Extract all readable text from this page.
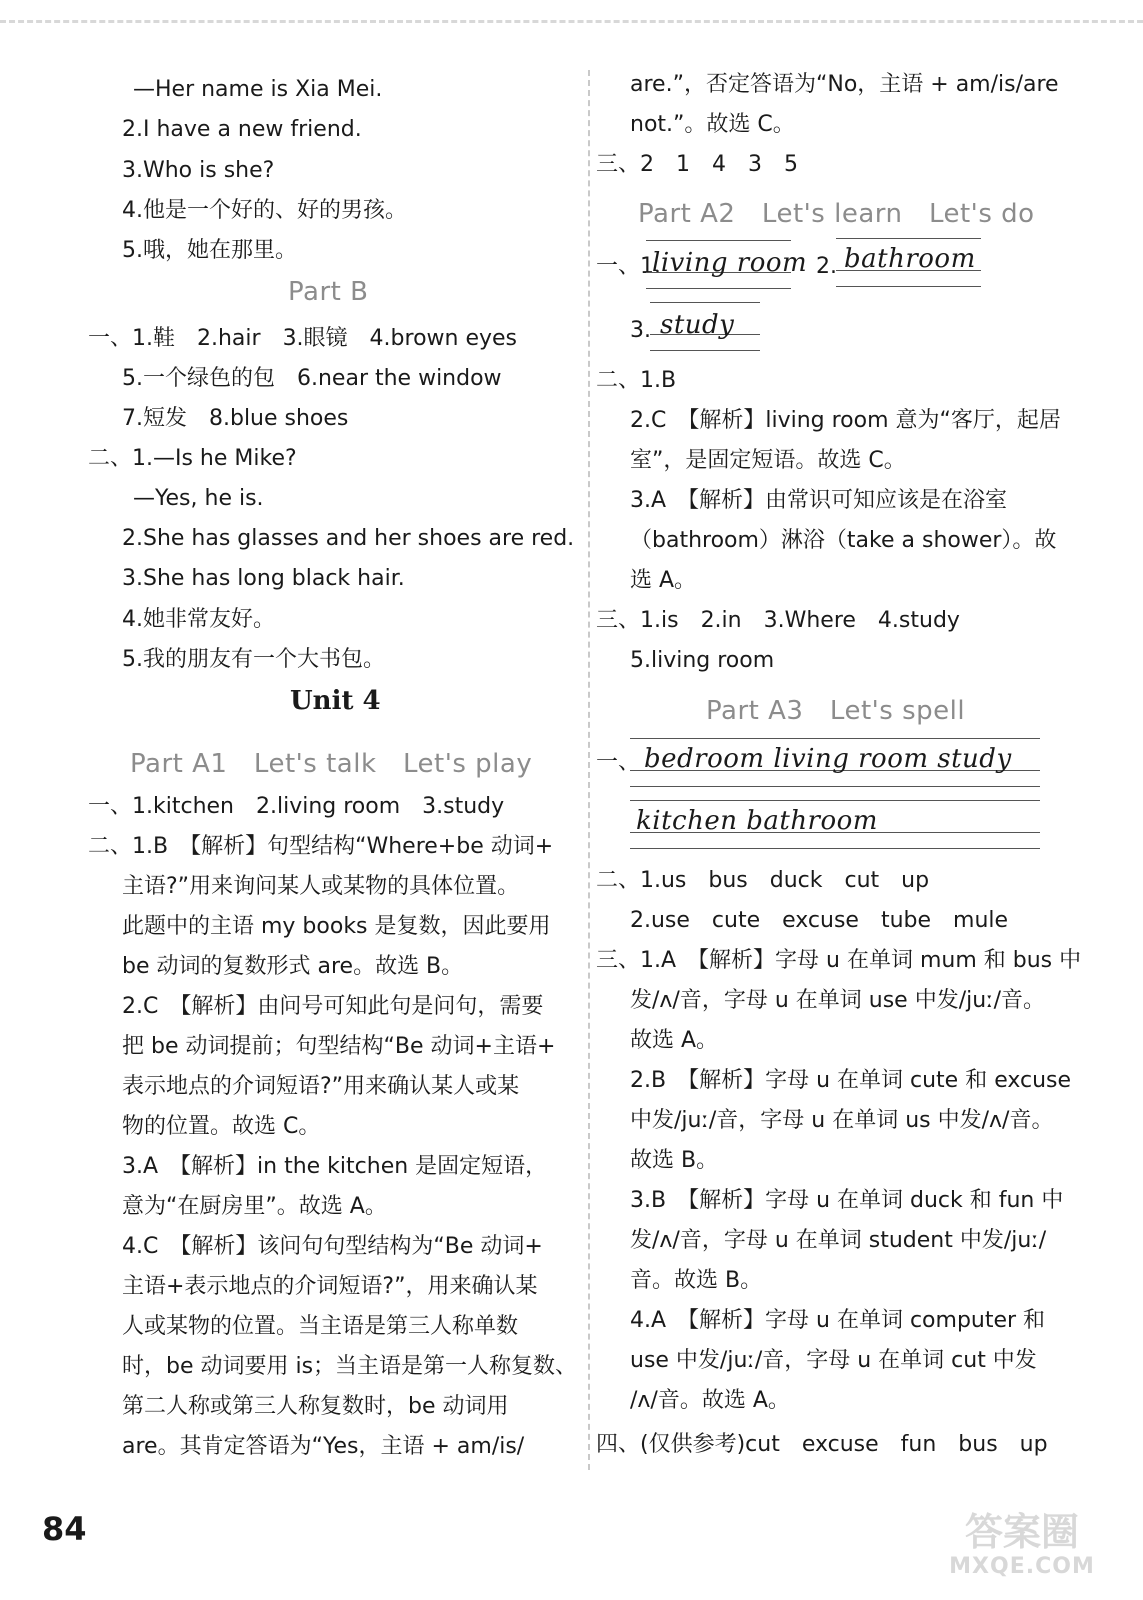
—Her name is Xia Mei.
2.I have a new friend.
3.Who is she?
4.他是一个好的、好的男孩。
5.哦，她在那里。
Part B
一、1.鞋　2.hair　3.眼镜　4.brown eyes
5.一个绿色的包　6.near the window
7.短发　8.blue shoes
二、1.—Is he Mike?
—Yes, he is.
2.She has glasses and her shoes are red.
3.She has long black hair.
4.她非常友好。
5.我的朋友有一个大书包。
Unit 4
Part A1　Let's talk　Let's play
一、1.kitchen　2.living room　3.study
二、1.B　【解析】句型结构“Where+be 动词+
主语?”用来询问某人或某物的具体位置。
此题中的主语 my books 是复数，因此要用
be 动词的复数形式 are。故选 B。
2.C　【解析】由问号可知此句是问句，需要
把 be 动词提前；句型结构“Be 动词+主语+
表示地点的介词短语?”用来确认某人或某
物的位置。故选 C。
3.A　【解析】in the kitchen 是固定短语，
意为“在厨房里”。故选 A。
4.C　【解析】该问句句型结构为“Be 动词+
主语+表示地点的介词短语?”，用来确认某
人或某物的位置。当主语是第三人称单数
时，be 动词要用 is；当主语是第一人称复数、
第二人称或第三人称复数时，be 动词用
are。其肯定答语为“Yes，主语 + am/is/
are.”，否定答语为“No，主语 + am/is/are
not.”。故选 C。
三、2　1　4　3　5
Part A2　Let's learn　Let's do
一、1.
living room 2. bathroom
3. study
二、1.B
2.C　【解析】living room 意为“客厅，起居
室”，是固定短语。故选 C。
3.A　【解析】由常识可知应该是在浴室
（bathroom）淋浴（take a shower）。故
选 A。
三、1.is　2.in　3.Where　4.study
5.living room
Part A3　Let's spell
一、 bedroom living room study
kitchen bathroom
二、1.us　bus　duck　cut　up
2.use　cute　excuse　tube　mule
三、1.A　【解析】字母 u 在单词 mum 和 bus 中
发/ʌ/音，字母 u 在单词 use 中发/juː/音。
故选 A。
2.B　【解析】字母 u 在单词 cute 和 excuse
中发/juː/音，字母 u 在单词 us 中发/ʌ/音。
故选 B。
3.B　【解析】字母 u 在单词 duck 和 fun 中
发/ʌ/音，字母 u 在单词 student 中发/juː/
音。故选 B。
4.A　【解析】字母 u 在单词 computer 和
use 中发/juː/音，字母 u 在单词 cut 中发
/ʌ/音。故选 A。
四、(仅供参考)cut　excuse　fun　bus　up
84	答案圈
MXQE.COM
